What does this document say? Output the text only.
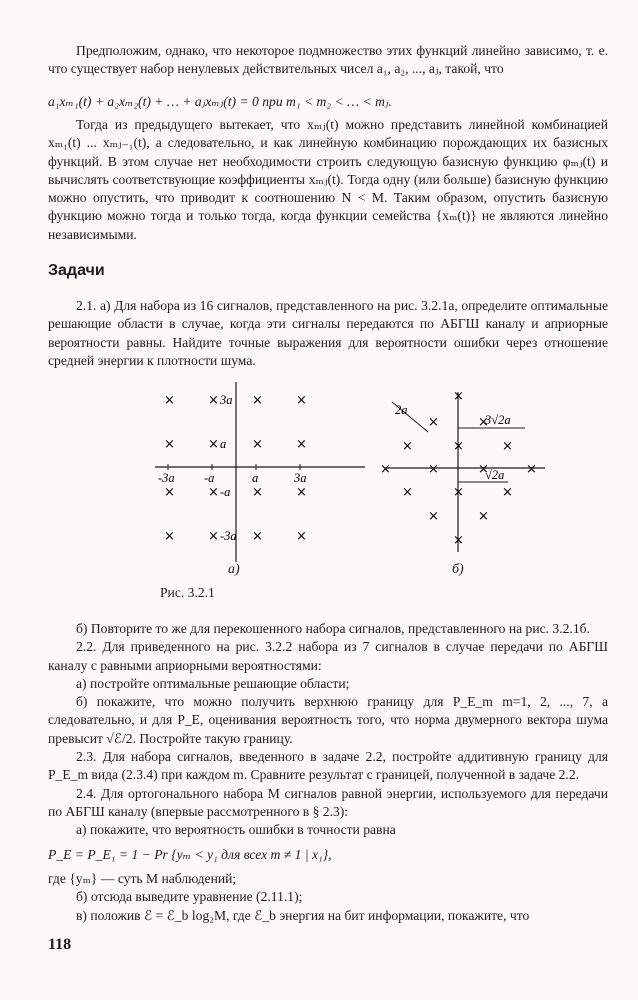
Предположим, однако, что некоторое подмножество этих функций линейно зависимо, т. е. что существует набор ненулевых действительных чисел a₁, a₂, ..., aⱼ, такой, что

a₁xₘ₁(t) + a₂xₘ₂(t) + … + aⱼxₘⱼ(t) = 0 при m₁ < m₂ < … < mⱼ.

Тогда из предыдущего вытекает, что xₘⱼ(t) можно представить линейной комбинацией xₘ₁(t) ... xₘⱼ₋₁(t), а следовательно, и как линейную комбинацию порождающих их базисных функций. В этом случае нет необходимости строить следующую базисную функцию φₘⱼ(t) и вычислять соответствующие коэффициенты xₘⱼ(t). Тогда одну (или больше) базисную функцию можно опустить, что приводит к соотношению N < M. Таким образом, опустить базисную функцию можно тогда и только тогда, когда функции семейства {xₘ(t)} не являются линейно независимыми.

Задачи

2.1. а) Для набора из 16 сигналов, представленного на рис. 3.2.1а, определите оптимальные решающие области в случае, когда эти сигналы передаются по АБГШ каналу и априорные вероятности равны. Найдите точные выражения для вероятности ошибки через отношение средней энергии к плотности шума.

×	×	×	×
×	×	×	×
×	×	×	×
×	×	×	×
3a
a
-a
-3a
-3a -a	a	3a
×
×	×
×	×	×
×	×	×	×
×	×	×
×	×
×
2a
3√2a
√2a
а)	б)
Рис. 3.2.1

б) Повторите то же для перекошенного набора сигналов, представленного на рис. 3.2.1б.

2.2. Для приведенного на рис. 3.2.2 набора из 7 сигналов в случае передачи по АБГШ каналу с равными априорными вероятностями:

а) постройте оптимальные решающие области;

б) покажите, что можно получить верхнюю границу для P_E_m m=1, 2, ..., 7, а следовательно, и для P_E, оценивания вероятность того, что норма двумерного вектора шума превысит √ℰ/2. Постройте такую границу.

2.3. Для набора сигналов, введенного в задаче 2.2, постройте аддитивную границу для P_E_m вида (2.3.4) при каждом m. Сравните результат с границей, полученной в задаче 2.2.

2.4. Для ортогонального набора M сигналов равной энергии, используемого для передачи по АБГШ каналу (впервые рассмотренного в § 2.3):

а) покажите, что вероятность ошибки в точности равна

P_E = P_E₁ = 1 − Pr {yₘ < y₁ для всех m ≠ 1 | x₁},

где {yₘ} — суть M наблюдений;

б) отсюда выведите уравнение (2.11.1);

в) положив ℰ = ℰ_b log₂M, где ℰ_b энергия на бит информации, покажите, что

118
